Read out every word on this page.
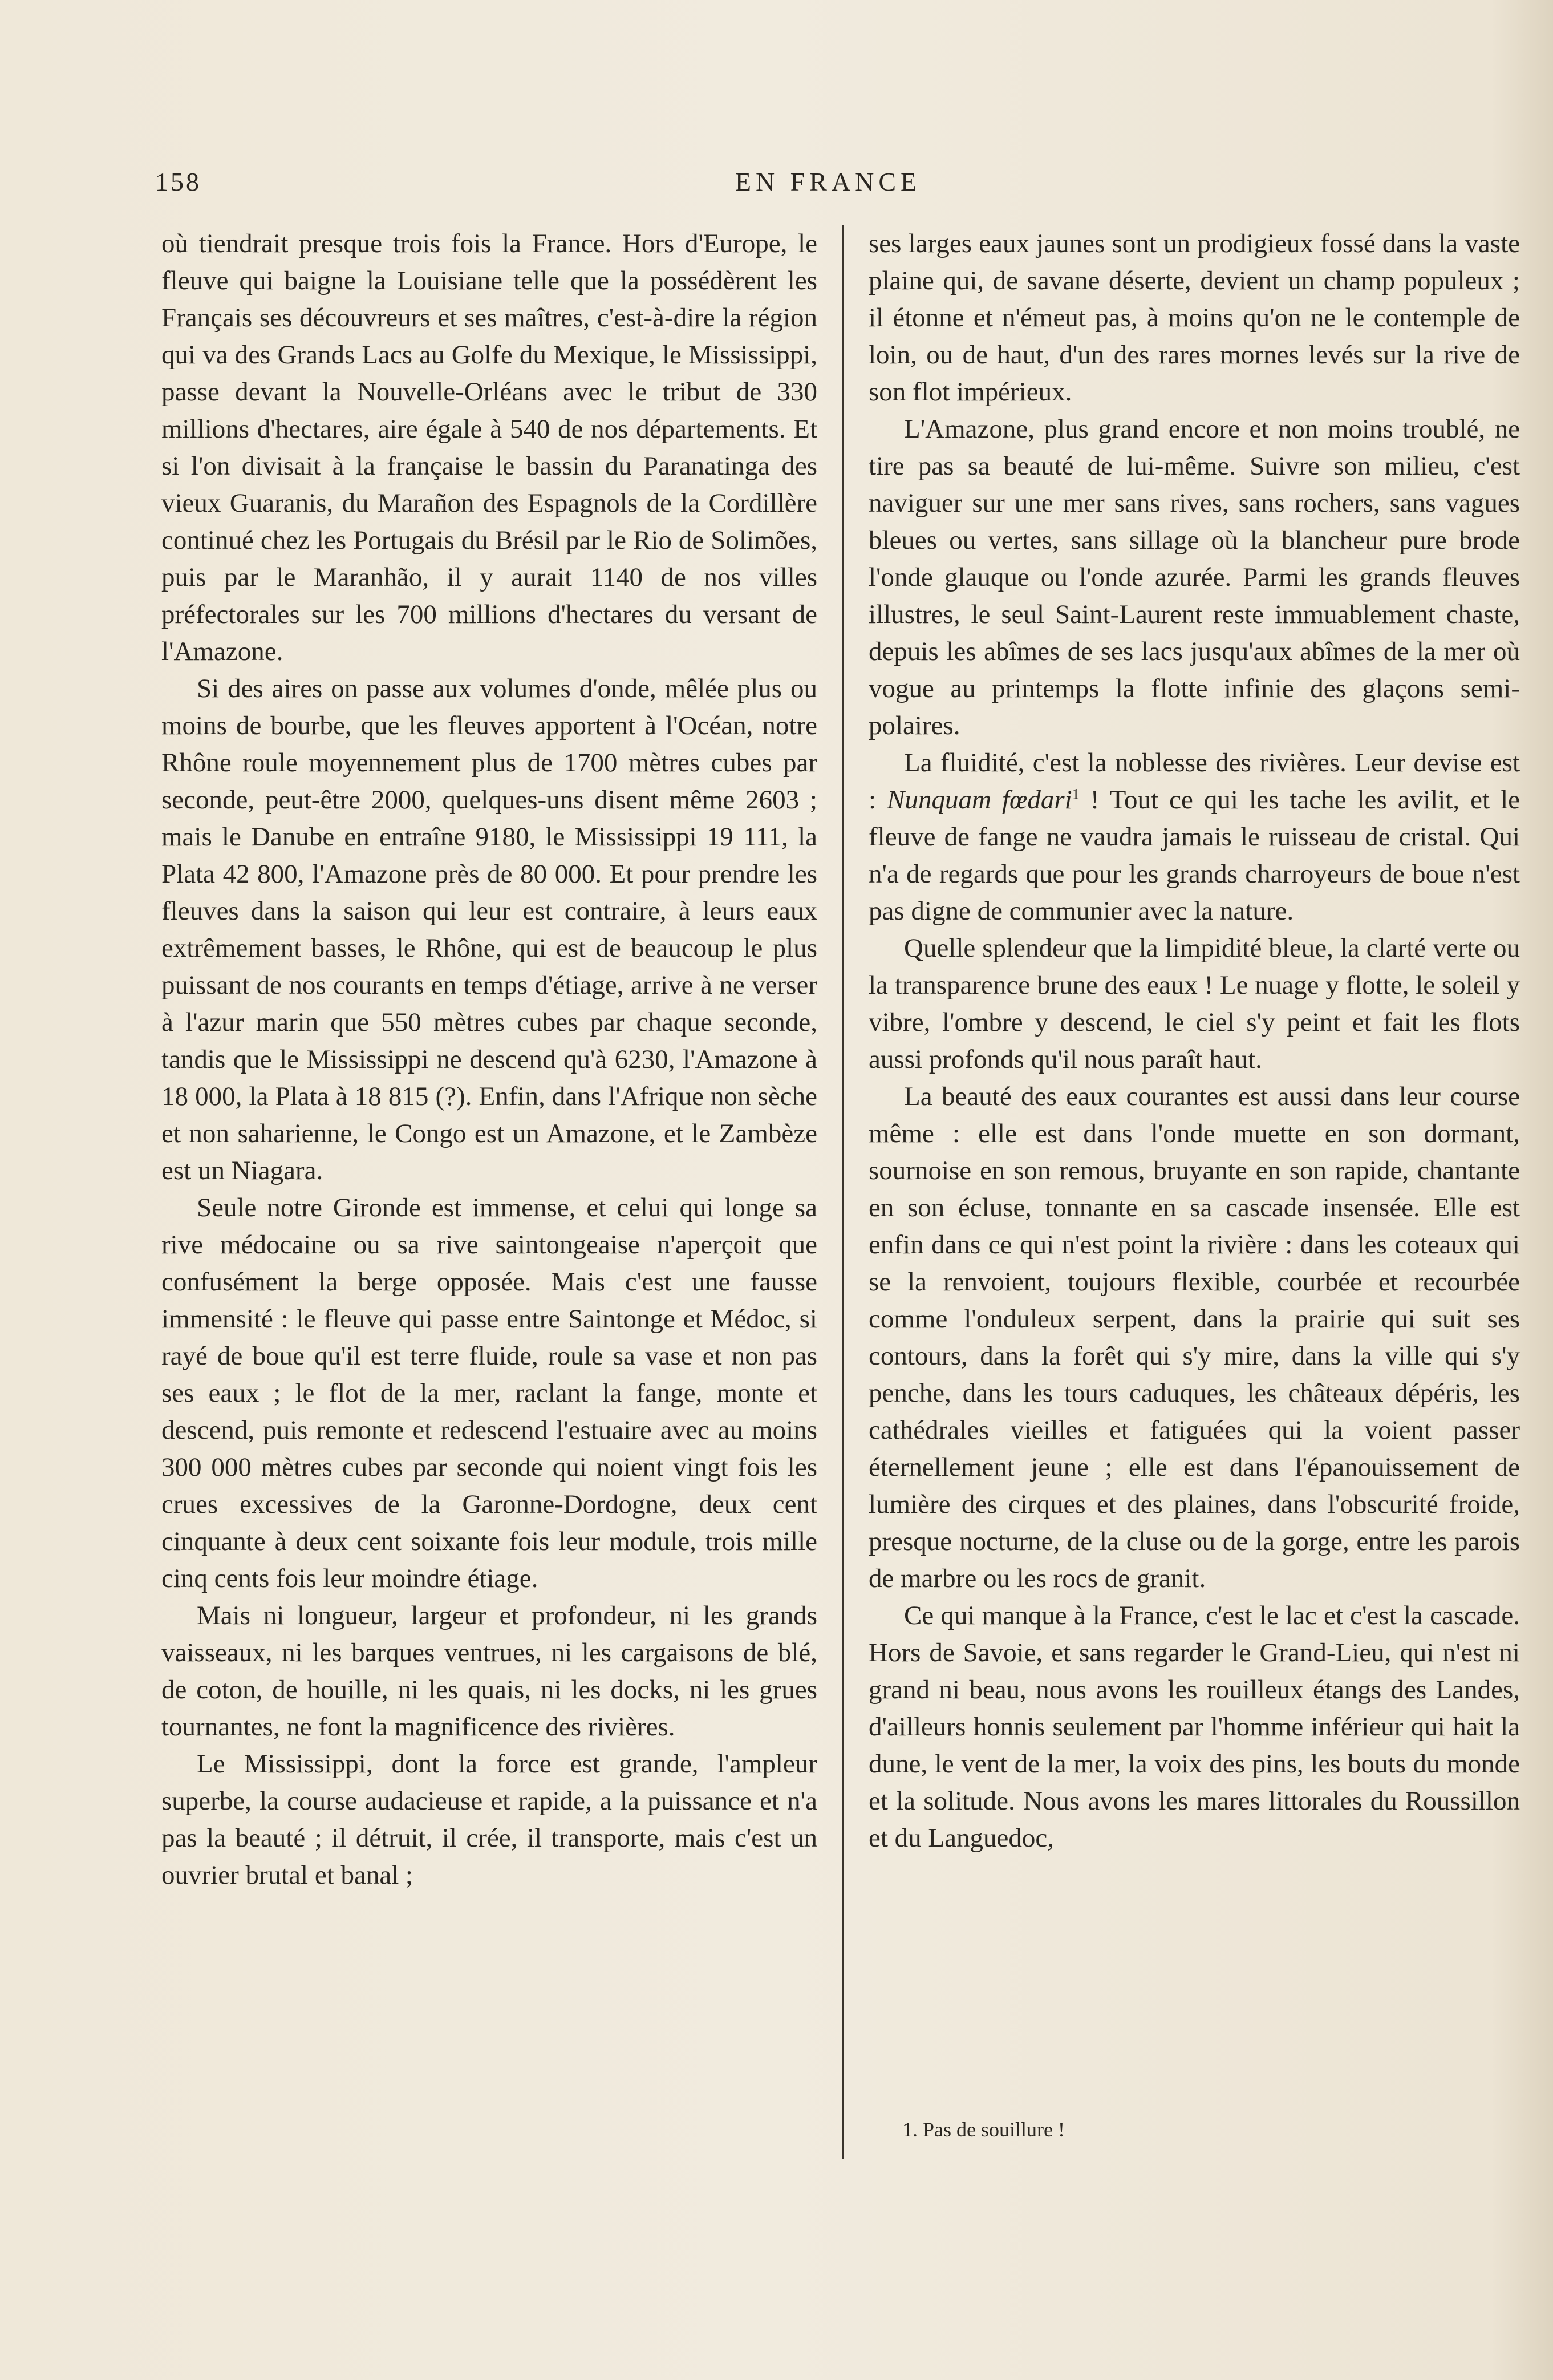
158	EN FRANCE

où tiendrait presque trois fois la France. Hors d'Europe, le fleuve qui baigne la Louisiane telle que la possédèrent les Français ses découvreurs et ses maîtres, c'est-à-dire la région qui va des Grands Lacs au Golfe du Mexique, le Mississippi, passe devant la Nouvelle-Orléans avec le tribut de 330 millions d'hectares, aire égale à 540 de nos départements. Et si l'on divisait à la française le bassin du Paranatinga des vieux Guaranis, du Marañon des Espagnols de la Cordillère continué chez les Portugais du Brésil par le Rio de Solimões, puis par le Maranhão, il y aurait 1140 de nos villes préfectorales sur les 700 millions d'hectares du versant de l'Amazone.

Si des aires on passe aux volumes d'onde, mêlée plus ou moins de bourbe, que les fleuves apportent à l'Océan, notre Rhône roule moyennement plus de 1700 mètres cubes par seconde, peut-être 2000, quelques-uns disent même 2603 ; mais le Danube en entraîne 9180, le Mississippi 19 111, la Plata 42 800, l'Amazone près de 80 000. Et pour prendre les fleuves dans la saison qui leur est contraire, à leurs eaux extrêmement basses, le Rhône, qui est de beaucoup le plus puissant de nos courants en temps d'étiage, arrive à ne verser à l'azur marin que 550 mètres cubes par chaque seconde, tandis que le Mississippi ne descend qu'à 6230, l'Amazone à 18 000, la Plata à 18 815 (?). Enfin, dans l'Afrique non sèche et non saharienne, le Congo est un Amazone, et le Zambèze est un Niagara.

Seule notre Gironde est immense, et celui qui longe sa rive médocaine ou sa rive saintongeaise n'aperçoit que confusément la berge opposée. Mais c'est une fausse immensité : le fleuve qui passe entre Saintonge et Médoc, si rayé de boue qu'il est terre fluide, roule sa vase et non pas ses eaux ; le flot de la mer, raclant la fange, monte et descend, puis remonte et redescend l'estuaire avec au moins 300 000 mètres cubes par seconde qui noient vingt fois les crues excessives de la Garonne-Dordogne, deux cent cinquante à deux cent soixante fois leur module, trois mille cinq cents fois leur moindre étiage.

Mais ni longueur, largeur et profondeur, ni les grands vaisseaux, ni les barques ventrues, ni les cargaisons de blé, de coton, de houille, ni les quais, ni les docks, ni les grues tournantes, ne font la magnificence des rivières.

Le Mississippi, dont la force est grande, l'ampleur superbe, la course audacieuse et rapide, a la puissance et n'a pas la beauté ; il détruit, il crée, il transporte, mais c'est un ouvrier brutal et banal ;

ses larges eaux jaunes sont un prodigieux fossé dans la vaste plaine qui, de savane déserte, devient un champ populeux ; il étonne et n'émeut pas, à moins qu'on ne le contemple de loin, ou de haut, d'un des rares mornes levés sur la rive de son flot impérieux.

L'Amazone, plus grand encore et non moins troublé, ne tire pas sa beauté de lui-même. Suivre son milieu, c'est naviguer sur une mer sans rives, sans rochers, sans vagues bleues ou vertes, sans sillage où la blancheur pure brode l'onde glauque ou l'onde azurée. Parmi les grands fleuves illustres, le seul Saint-Laurent reste immuablement chaste, depuis les abîmes de ses lacs jusqu'aux abîmes de la mer où vogue au printemps la flotte infinie des glaçons semi-polaires.

La fluidité, c'est la noblesse des rivières. Leur devise est : Nunquam fœdari$^1$ ! Tout ce qui les tache les avilit, et le fleuve de fange ne vaudra jamais le ruisseau de cristal. Qui n'a de regards que pour les grands charroyeurs de boue n'est pas digne de communier avec la nature.

Quelle splendeur que la limpidité bleue, la clarté verte ou la transparence brune des eaux ! Le nuage y flotte, le soleil y vibre, l'ombre y descend, le ciel s'y peint et fait les flots aussi profonds qu'il nous paraît haut.

La beauté des eaux courantes est aussi dans leur course même : elle est dans l'onde muette en son dormant, sournoise en son remous, bruyante en son rapide, chantante en son écluse, tonnante en sa cascade insensée. Elle est enfin dans ce qui n'est point la rivière : dans les coteaux qui se la renvoient, toujours flexible, courbée et recourbée comme l'onduleux serpent, dans la prairie qui suit ses contours, dans la forêt qui s'y mire, dans la ville qui s'y penche, dans les tours caduques, les châteaux dépéris, les cathédrales vieilles et fatiguées qui la voient passer éternellement jeune ; elle est dans l'épanouissement de lumière des cirques et des plaines, dans l'obscurité froide, presque nocturne, de la cluse ou de la gorge, entre les parois de marbre ou les rocs de granit.

Ce qui manque à la France, c'est le lac et c'est la cascade. Hors de Savoie, et sans regarder le Grand-Lieu, qui n'est ni grand ni beau, nous avons les rouilleux étangs des Landes, d'ailleurs honnis seulement par l'homme inférieur qui hait la dune, le vent de la mer, la voix des pins, les bouts du monde et la solitude. Nous avons les mares littorales du Roussillon et du Languedoc,

1. Pas de souillure !
